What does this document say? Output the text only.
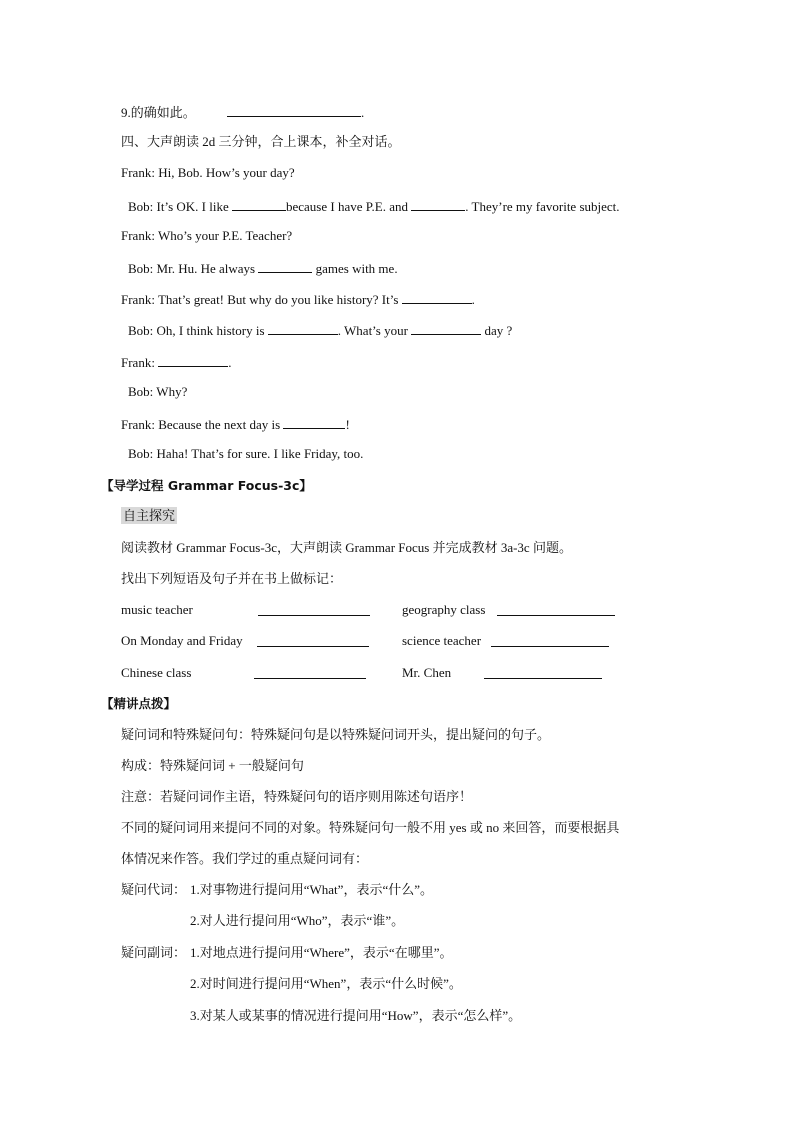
9.的确如此。	.
四、大声朗读 2d 三分钟，合上课本，补全对话。
Frank: Hi, Bob. How’s your day?
Bob: It’s OK. I like	because I have P.E. and	. They’re my favorite subject.
Frank: Who’s your P.E. Teacher?
Bob: Mr. Hu. He always	games with me.
Frank: That’s great! But why do you like history? It’s	.
Bob: Oh, I think history is	. What’s your	day ?
Frank:	.
Bob: Why?
Frank: Because the next day is	!
Bob: Haha! That’s for sure. I like Friday, too.
【导学过程 Grammar Focus-3c】
自主探究
阅读教材 Grammar Focus-3c，大声朗读 Grammar Focus 并完成教材 3a-3c 问题。
找出下列短语及句子并在书上做标记：
music teacher	geography class
On Monday and Friday	science teacher
Chinese class	Mr. Chen
【精讲点拨】
疑问词和特殊疑问句：特殊疑问句是以特殊疑问词开头，提出疑问的句子。
构成：特殊疑问词 + 一般疑问句
注意：若疑问词作主语，特殊疑问句的语序则用陈述句语序！
不同的疑问词用来提问不同的对象。特殊疑问句一般不用 yes 或 no 来回答，而要根据具
体情况来作答。我们学过的重点疑问词有：
疑问代词： 1.对事物进行提问用“What”，表示“什么”。
2.对人进行提问用“Who”，表示“谁”。
疑问副词： 1.对地点进行提问用“Where”，表示“在哪里”。
2.对时间进行提问用“When”，表示“什么时候”。
3.对某人或某事的情况进行提问用“How”，表示“怎么样”。
